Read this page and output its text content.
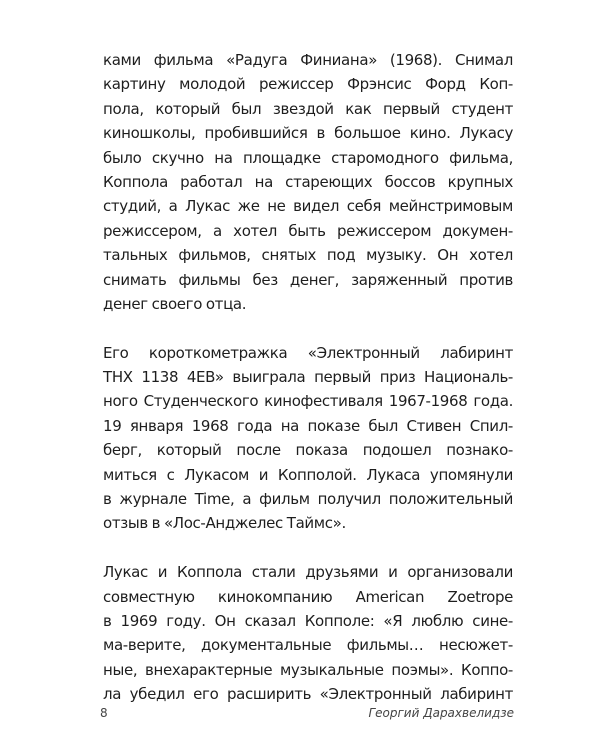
ками фильма «Радуга Финиана» (1968). Снимал
картину молодой режиссер Фрэнсис Форд Коп-
пола, который был звездой как первый студент
киношколы, пробившийся в большое кино. Лукасу
было скучно на площадке старомодного фильма,
Коппола работал на стареющих боссов крупных
студий, а Лукас же не видел себя мейнстримовым
режиссером, а хотел быть режиссером докумен-
тальных фильмов, снятых под музыку. Он хотел
снимать фильмы без денег, заряженный против
денег своего отца.
Его короткометражка «Электронный лабиринт
THX 1138 4EB» выиграла первый приз Националь-
ного Студенческого кинофестиваля 1967-1968 года.
19 января 1968 года на показе был Стивен Спил-
берг, который после показа подошел познако-
миться с Лукасом и Копполой. Лукаса упомянули
в журнале Time, а фильм получил положительный
отзыв в «Лос-Анджелес Таймс».
Лукас и Коппола стали друзьями и организовали
совместную кинокомпанию American Zoetrope
в 1969 году. Он сказал Копполе: «Я люблю сине-
ма-верите, документальные фильмы… несюжет-
ные, внехарактерные музыкальные поэмы». Коппо-
ла убедил его расширить «Электронный лабиринт
8	Георгий Дарахвелидзе
